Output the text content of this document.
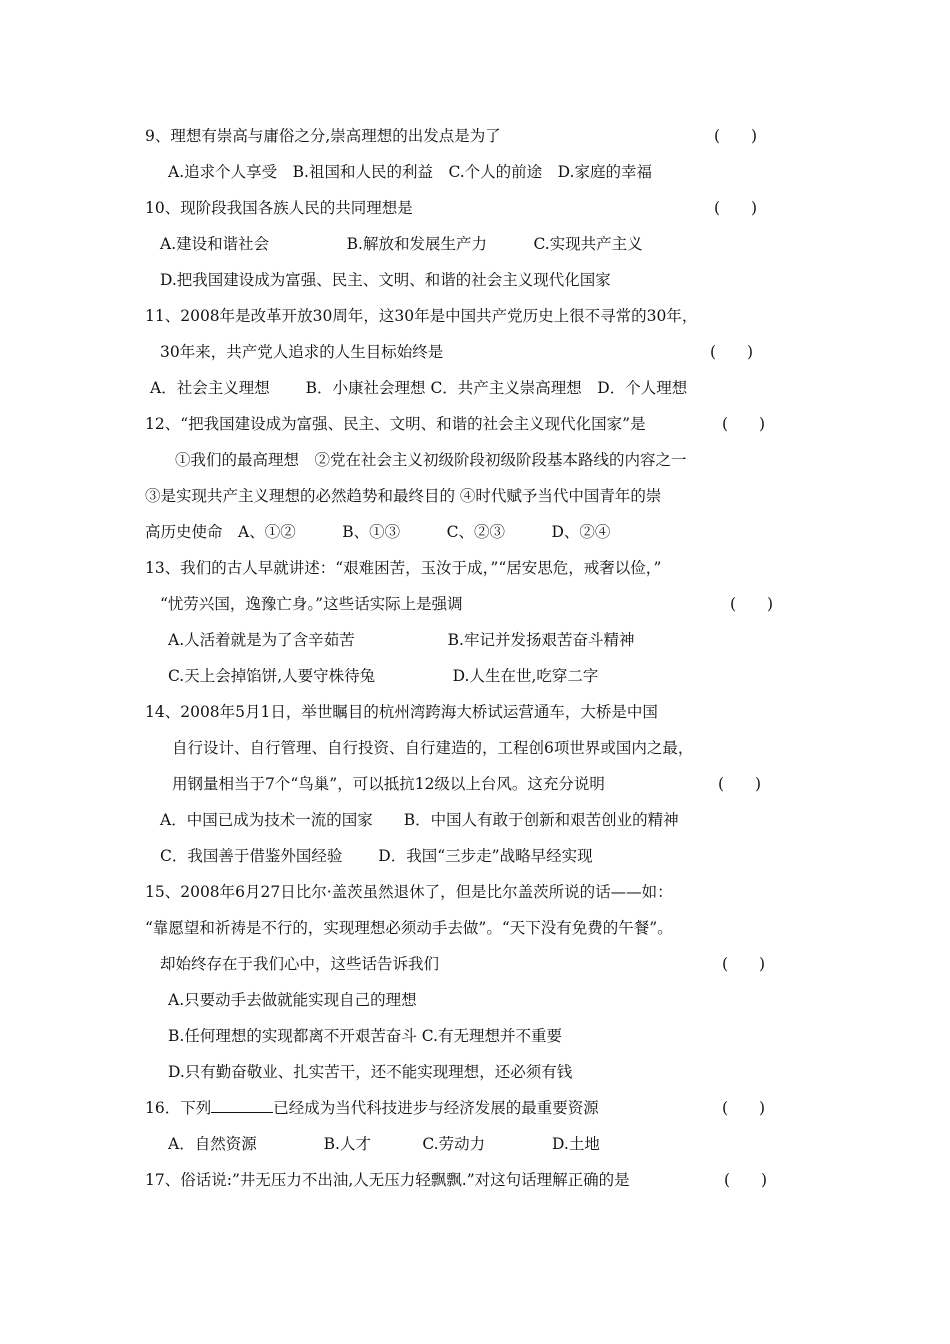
9、理想有崇高与庸俗之分,崇高理想的出发点是为了	(　　)
A.追求个人享受　B.祖国和人民的利益　C.个人的前途　D.家庭的幸福
10、现阶段我国各族人民的共同理想是	(　　)
A.建设和谐社会　　　　　B.解放和发展生产力　　　C.实现共产主义
D.把我国建设成为富强、民主、文明、和谐的社会主义现代化国家
11、2008年是改革开放30周年，这30年是中国共产党历史上很不寻常的30年，
30年来，共产党人追求的人生目标始终是	(　　)
A．社会主义理想　　 B．小康社会理想 C．共产主义崇高理想　D．个人理想
12、“把我国建设成为富强、民主、文明、和谐的社会主义现代化国家”是	(　　)
①我们的最高理想　②党在社会主义初级阶段初级阶段基本路线的内容之一
③是实现共产主义理想的必然趋势和最终目的 ④时代赋予当代中国青年的崇
高历史使命　A、①②　　　B、①③　　　C、②③　　　D、②④
13、我们的古人早就讲述：“艰难困苦，玉汝于成，”“居安思危，戒奢以俭，”
“忧劳兴国，逸豫亡身。”这些话实际上是强调	(　　)
A.人活着就是为了含辛茹苦　　　　　　B.牢记并发扬艰苦奋斗精神
C.天上会掉馅饼,人要守株待兔　　　　　D.人生在世,吃穿二字
14、2008年5月1日，举世瞩目的杭州湾跨海大桥试运营通车，大桥是中国
自行设计、自行管理、自行投资、自行建造的，工程创6项世界或国内之最，
用钢量相当于7个“鸟巢”，可以抵抗12级以上台风。这充分说明	(　　)
A．中国已成为技术一流的国家　　B．中国人有敢于创新和艰苦创业的精神
C．我国善于借鉴外国经验　　 D．我国“三步走”战略早经实现
15、2008年6月27日比尔·盖茨虽然退休了，但是比尔盖茨所说的话——如：
“靠愿望和祈祷是不行的，实现理想必须动手去做”。“天下没有免费的午餐”。
却始终存在于我们心中，这些话告诉我们	(　　)
A.只要动手去做就能实现自己的理想
B.任何理想的实现都离不开艰苦奋斗 C.有无理想并不重要
D.只有勤奋敬业、扎实苦干，还不能实现理想，还必须有钱
16．下列	已经成为当代科技进步与经济发展的最重要资源	(　　)
A．自然资源　　　　 B.人才　　　 C.劳动力　　　　 D.土地
17、俗话说:”井无压力不出油,人无压力轻飘飘.”对这句话理解正确的是	(　　)
